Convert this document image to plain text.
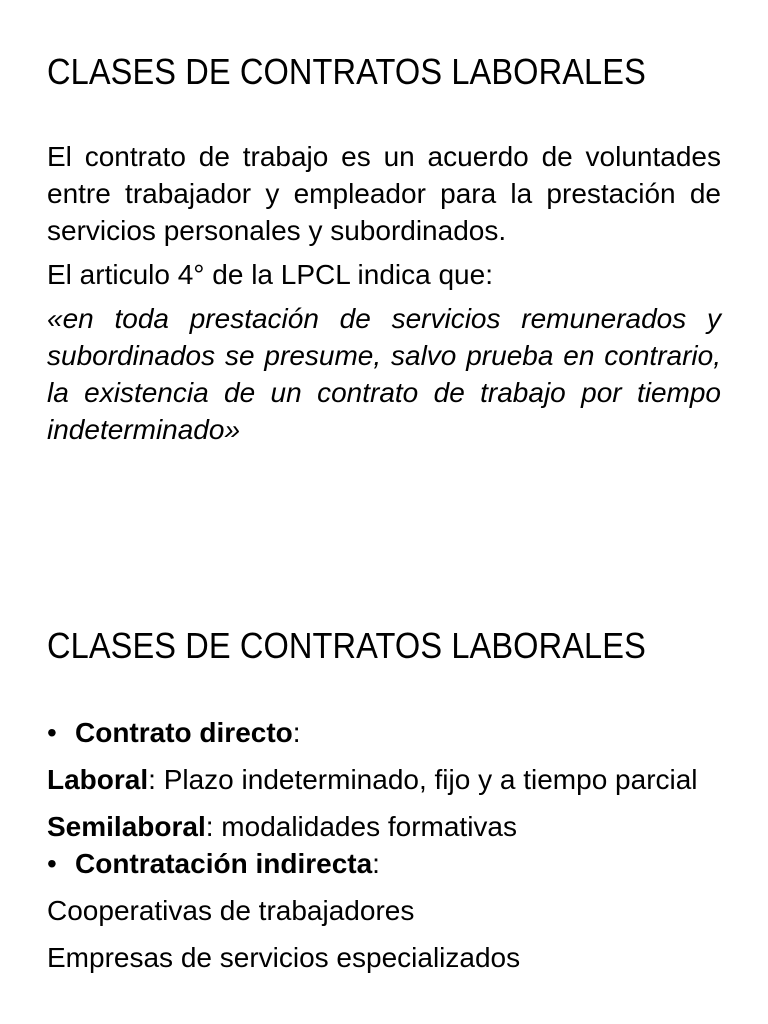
CLASES DE CONTRATOS LABORALES

El contrato de trabajo es un acuerdo de voluntades entre trabajador y empleador para la prestación de servicios personales y subordinados.

El articulo 4° de la LPCL indica que:

«en toda prestación de servicios remunerados y subordinados se presume, salvo prueba en contrario, la existencia de un contrato de trabajo por tiempo indeterminado»

CLASES DE CONTRATOS LABORALES

• Contrato directo:

Laboral: Plazo indeterminado, fijo y a tiempo parcial

Semilaboral: modalidades formativas

• Contratación indirecta:

Cooperativas de trabajadores

Empresas de servicios especializados
